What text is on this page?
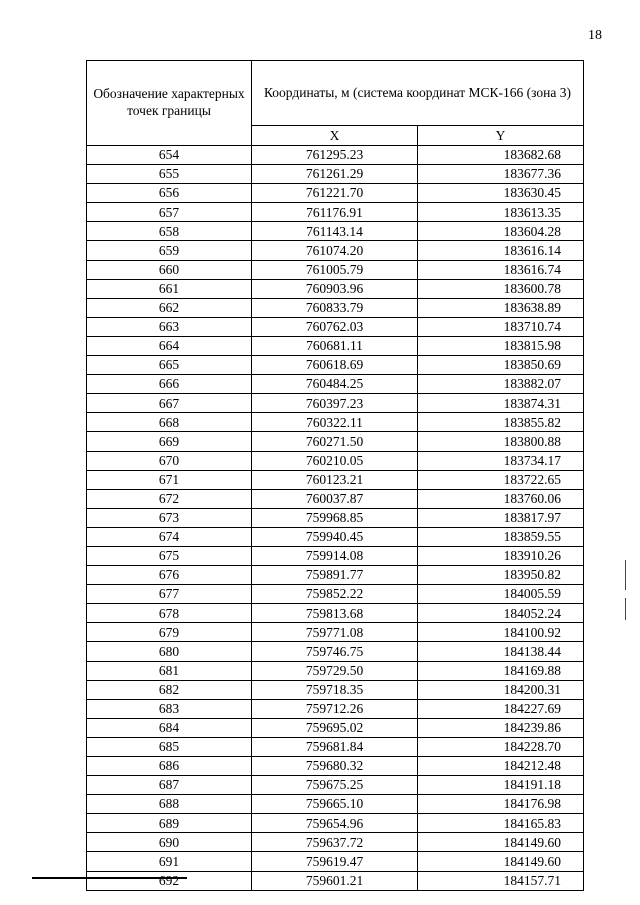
18
Обозначение характерных точек границы	Координаты, м (система координат МСК-166 (зона 3)	
	X	Y
654	761295.23	183682.68
655	761261.29	183677.36
656	761221.70	183630.45
657	761176.91	183613.35
658	761143.14	183604.28
659	761074.20	183616.14
660	761005.79	183616.74
661	760903.96	183600.78
662	760833.79	183638.89
663	760762.03	183710.74
664	760681.11	183815.98
665	760618.69	183850.69
666	760484.25	183882.07
667	760397.23	183874.31
668	760322.11	183855.82
669	760271.50	183800.88
670	760210.05	183734.17
671	760123.21	183722.65
672	760037.87	183760.06
673	759968.85	183817.97
674	759940.45	183859.55
675	759914.08	183910.26
676	759891.77	183950.82
677	759852.22	184005.59
678	759813.68	184052.24
679	759771.08	184100.92
680	759746.75	184138.44
681	759729.50	184169.88
682	759718.35	184200.31
683	759712.26	184227.69
684	759695.02	184239.86
685	759681.84	184228.70
686	759680.32	184212.48
687	759675.25	184191.18
688	759665.10	184176.98
689	759654.96	184165.83
690	759637.72	184149.60
691	759619.47	184149.60
692	759601.21	184157.71
